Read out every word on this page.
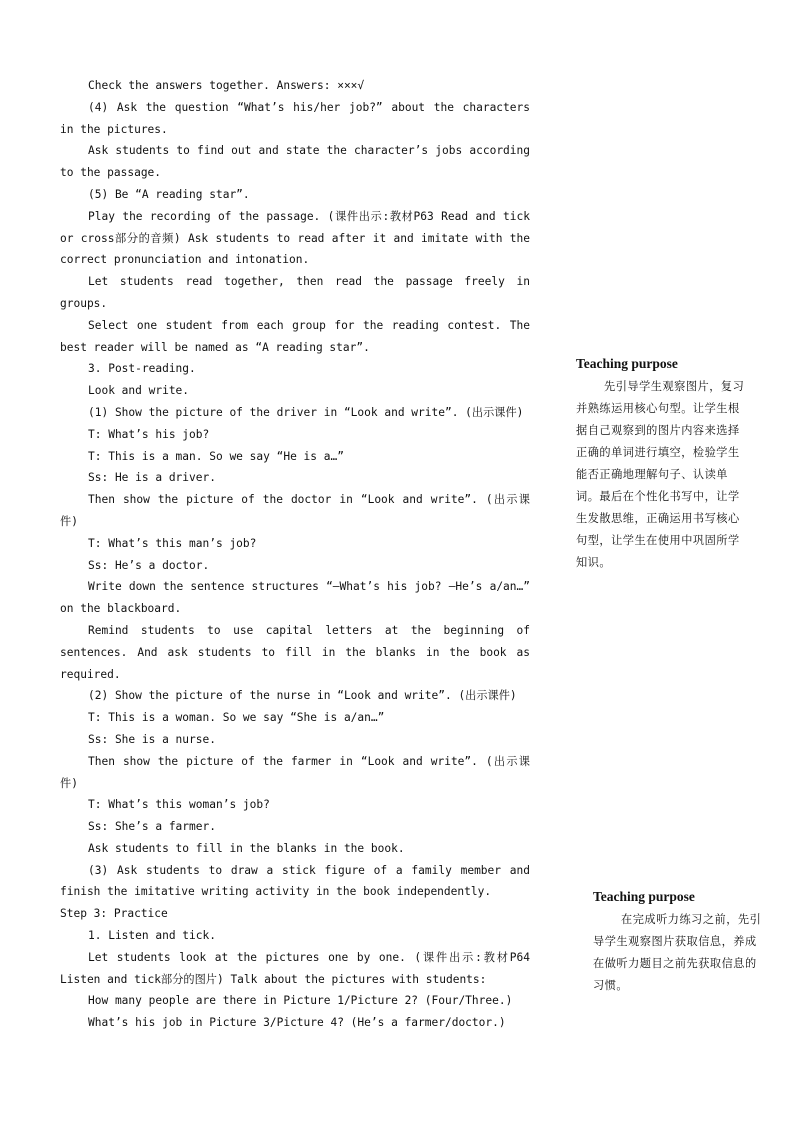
Check the answers together. Answers: ×××√

(4) Ask the question “What’s his/her job?” about the characters in the pictures.

Ask students to find out and state the character’s jobs according to the passage.

(5) Be “A reading star”.

Play the recording of the passage. (课件出示:教材P63 Read and tick or cross部分的音频) Ask students to read after it and imitate with the correct pronunciation and intonation.

Let students read together, then read the passage freely in groups.

Select one student from each group for the reading contest. The best reader will be named as “A reading star”.

3. Post-reading.

Look and write.

(1) Show the picture of the driver in “Look and write”. (出示课件)

T: What’s his job?

T: This is a man. So we say “He is a…”

Ss: He is a driver.

Then show the picture of the doctor in “Look and write”. (出示课件)

T: What’s this man’s job?

Ss: He’s a doctor.

Write down the sentence structures “—What’s his job? —He’s a/an…” on the blackboard.

Remind students to use capital letters at the beginning of sentences. And ask students to fill in the blanks in the book as required.

(2) Show the picture of the nurse in “Look and write”. (出示课件)

T: This is a woman. So we say “She is a/an…”

Ss: She is a nurse.

Then show the picture of the farmer in “Look and write”. (出示课件)

T: What’s this woman’s job?

Ss: She’s a farmer.

Ask students to fill in the blanks in the book.

(3) Ask students to draw a stick figure of a family member and finish the imitative writing activity in the book independently.

Step 3: Practice

1. Listen and tick.

Let students look at the pictures one by one. (课件出示:教材P64 Listen and tick部分的图片) Talk about the pictures with students:

How many people are there in Picture 1/Picture 2? (Four/Three.)

What’s his job in Picture 3/Picture 4? (He’s a farmer/doctor.)

Teaching purpose

先引导学生观察图片，复习并熟练运用核心句型。让学生根据自己观察到的图片内容来选择正确的单词进行填空，检验学生能否正确地理解句子、认读单词。最后在个性化书写中，让学生发散思维，正确运用书写核心句型，让学生在使用中巩固所学知识。

Teaching purpose

在完成听力练习之前，先引导学生观察图片获取信息，养成在做听力题目之前先获取信息的习惯。
